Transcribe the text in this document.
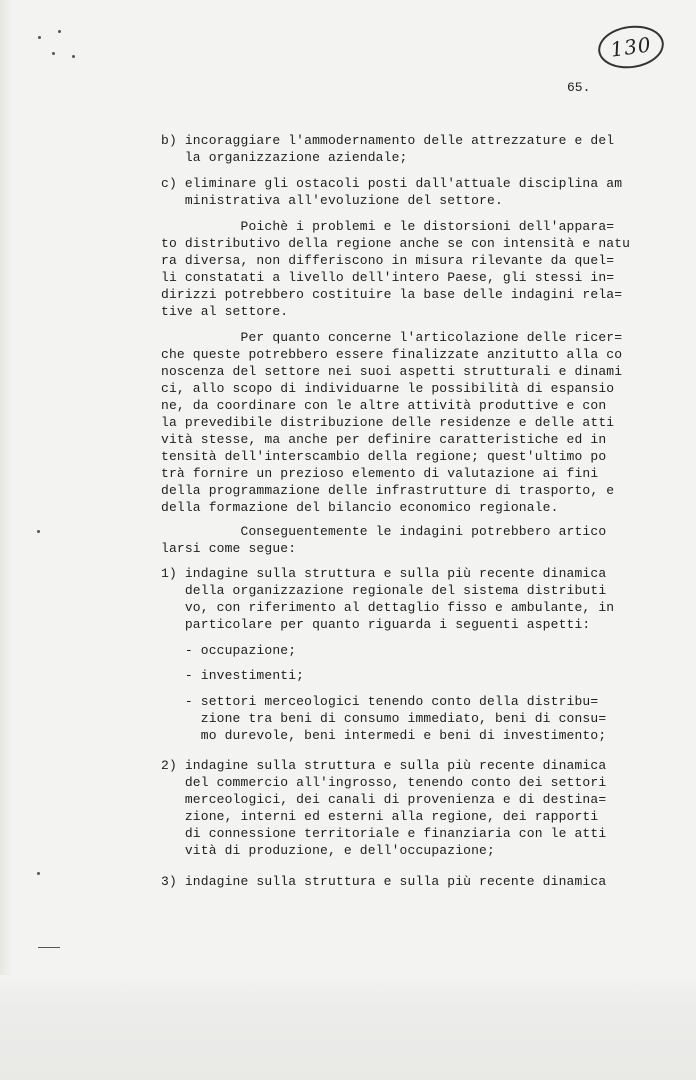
130
65.
b) incoraggiare l'ammodernamento delle attrezzature e del
la organizzazione aziendale;
c) eliminare gli ostacoli posti dall'attuale disciplina am
ministrativa all'evoluzione del settore.
Poichè i problemi e le distorsioni dell'appara=
to distributivo della regione anche se con intensità e natu
ra diversa, non differiscono in misura rilevante da quel=
li constatati a livello dell'intero Paese, gli stessi in=
dirizzi potrebbero costituire la base delle indagini rela=
tive al settore.
Per quanto concerne l'articolazione delle ricer=
che queste potrebbero essere finalizzate anzitutto alla co
noscenza del settore nei suoi aspetti strutturali e dinami
ci, allo scopo di individuarne le possibilità di espansio
ne, da coordinare con le altre attività produttive e con
la prevedibile distribuzione delle residenze e delle atti
vità stesse, ma anche per definire caratteristiche ed in
tensità dell'interscambio della regione; quest'ultimo po
trà fornire un prezioso elemento di valutazione ai fini
della programmazione delle infrastrutture di trasporto, e
della formazione del bilancio economico regionale.
Conseguentemente le indagini potrebbero artico
larsi come segue:
1) indagine sulla struttura e sulla più recente dinamica
della organizzazione regionale del sistema distributi
vo, con riferimento al dettaglio fisso e ambulante, in
particolare per quanto riguarda i seguenti aspetti:
- occupazione;
- investimenti;
- settori merceologici tenendo conto della distribu=
zione tra beni di consumo immediato, beni di consu=
mo durevole, beni intermedi e beni di investimento;
2) indagine sulla struttura e sulla più recente dinamica
del commercio all'ingrosso, tenendo conto dei settori
merceologici, dei canali di provenienza e di destina=
zione, interni ed esterni alla regione, dei rapporti
di connessione territoriale e finanziaria con le atti
vità di produzione, e dell'occupazione;
3) indagine sulla struttura e sulla più recente dinamica
